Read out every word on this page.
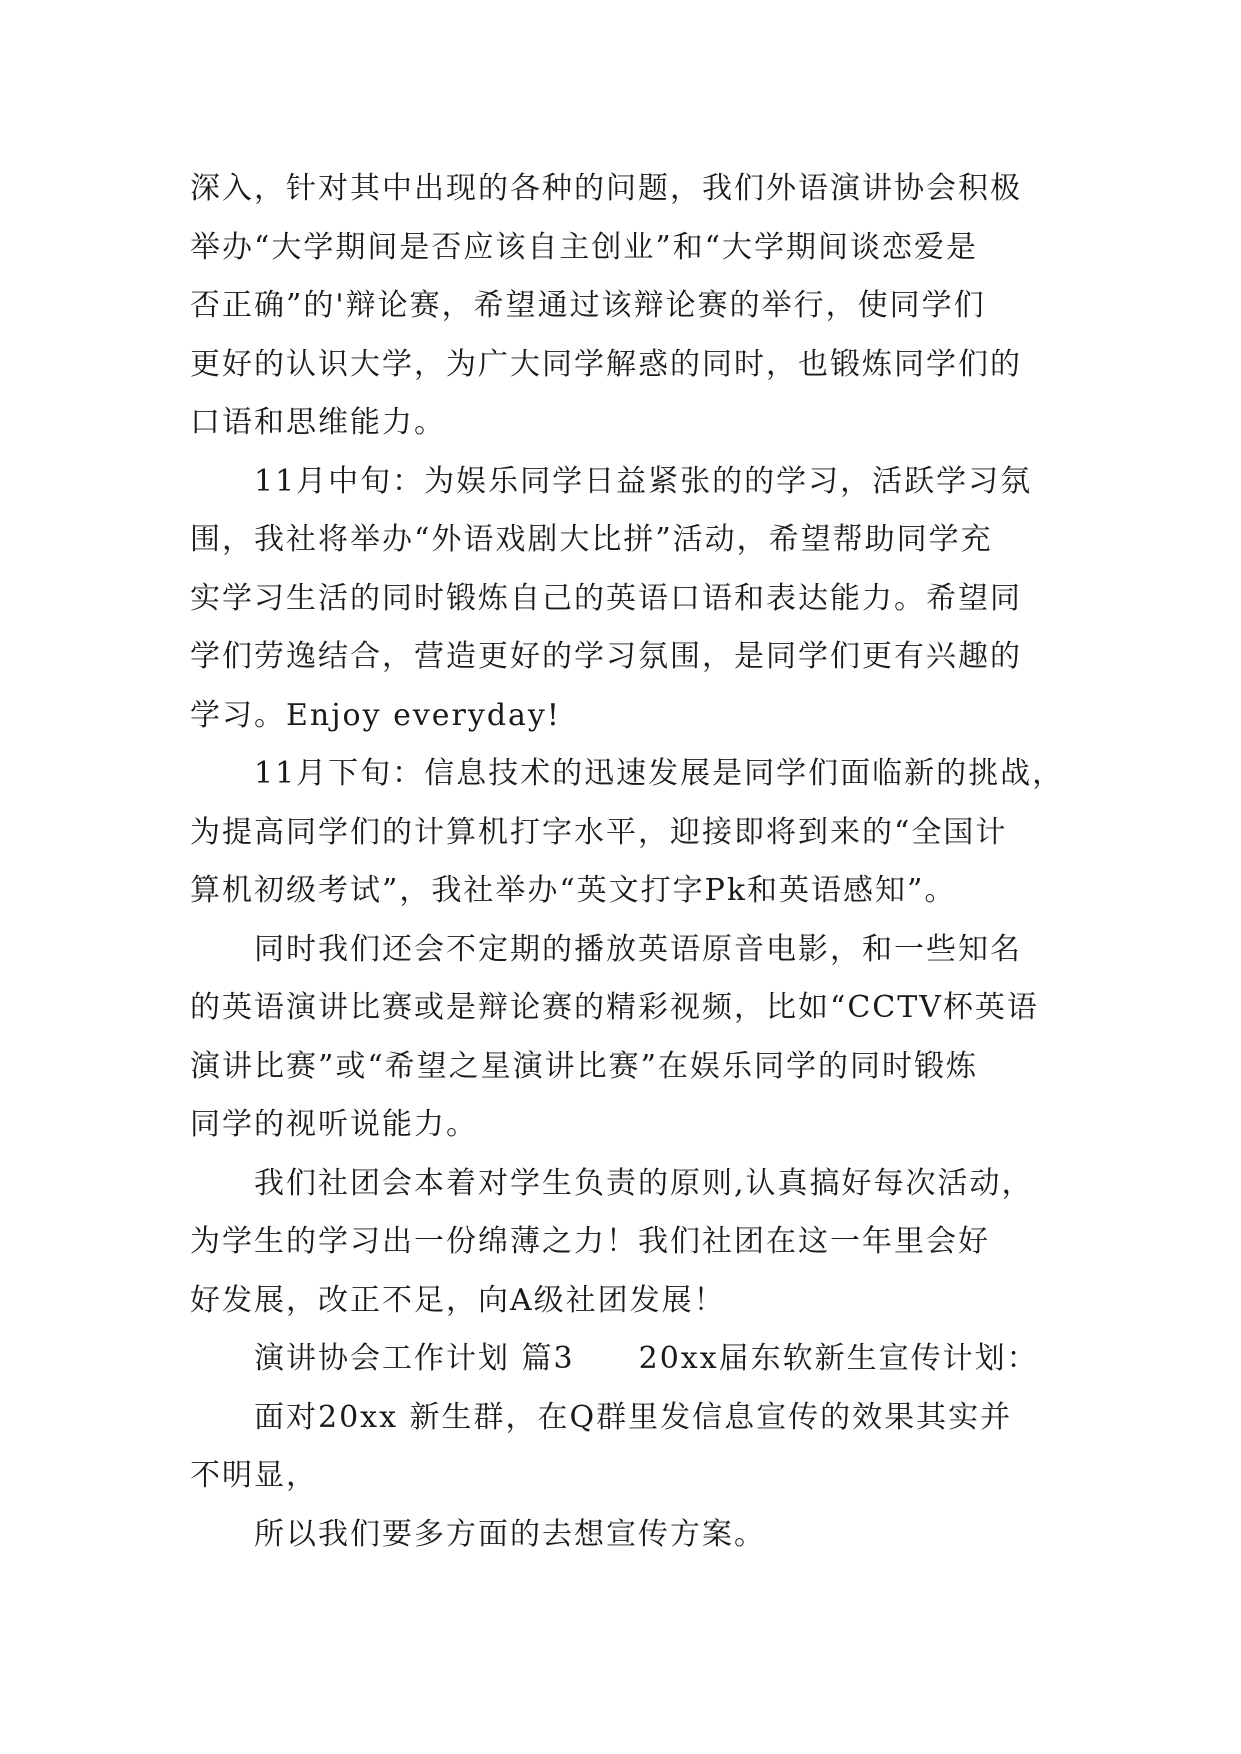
深入，针对其中出现的各种的问题，我们外语演讲协会积极
举办“大学期间是否应该自主创业”和“大学期间谈恋爱是
否正确”的'辩论赛，希望通过该辩论赛的举行，使同学们
更好的认识大学，为广大同学解惑的同时，也锻炼同学们的
口语和思维能力。
11月中旬：为娱乐同学日益紧张的的学习，活跃学习氛
围，我社将举办“外语戏剧大比拼”活动，希望帮助同学充
实学习生活的同时锻炼自己的英语口语和表达能力。希望同
学们劳逸结合，营造更好的学习氛围，是同学们更有兴趣的
学习。Enjoy everyday!
11月下旬：信息技术的迅速发展是同学们面临新的挑战，
为提高同学们的计算机打字水平，迎接即将到来的“全国计
算机初级考试”，我社举办“英文打字Pk和英语感知”。
同时我们还会不定期的播放英语原音电影，和一些知名
的英语演讲比赛或是辩论赛的精彩视频，比如“CCTV杯英语
演讲比赛”或“希望之星演讲比赛”在娱乐同学的同时锻炼
同学的视听说能力。
我们社团会本着对学生负责的原则,认真搞好每次活动，
为学生的学习出一份绵薄之力！我们社团在这一年里会好
好发展，改正不足，向A级社团发展！
演讲协会工作计划 篇3 20xx届东软新生宣传计划：
面对20xx 新生群，在Q群里发信息宣传的效果其实并
不明显，
所以我们要多方面的去想宣传方案。
